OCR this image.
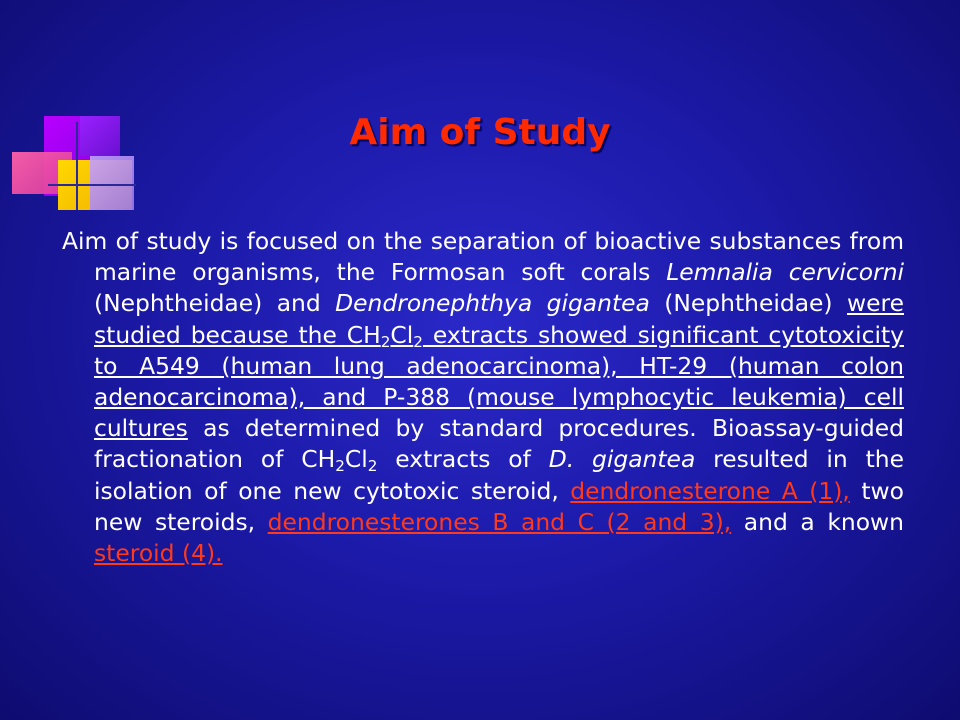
Aim of Study

Aim of study is focused on the separation of bioactive substances from marine organisms, the Formosan soft corals Lemnalia cervicorni (Nephtheidae) and Dendronephthya gigantea (Nephtheidae) were studied because the $CH_2Cl_2$ extracts showed significant cytotoxicity to A549 (human lung adenocarcinoma), HT-29 (human colon adenocarcinoma), and P-388 (mouse lymphocytic leukemia) cell cultures as determined by standard procedures. Bioassay-guided fractionation of $CH_2Cl_2$ extracts of D. gigantea resulted in the isolation of one new cytotoxic steroid, dendronesterone A (1), two new steroids, dendronesterones B and C (2 and 3), and a known steroid (4).
